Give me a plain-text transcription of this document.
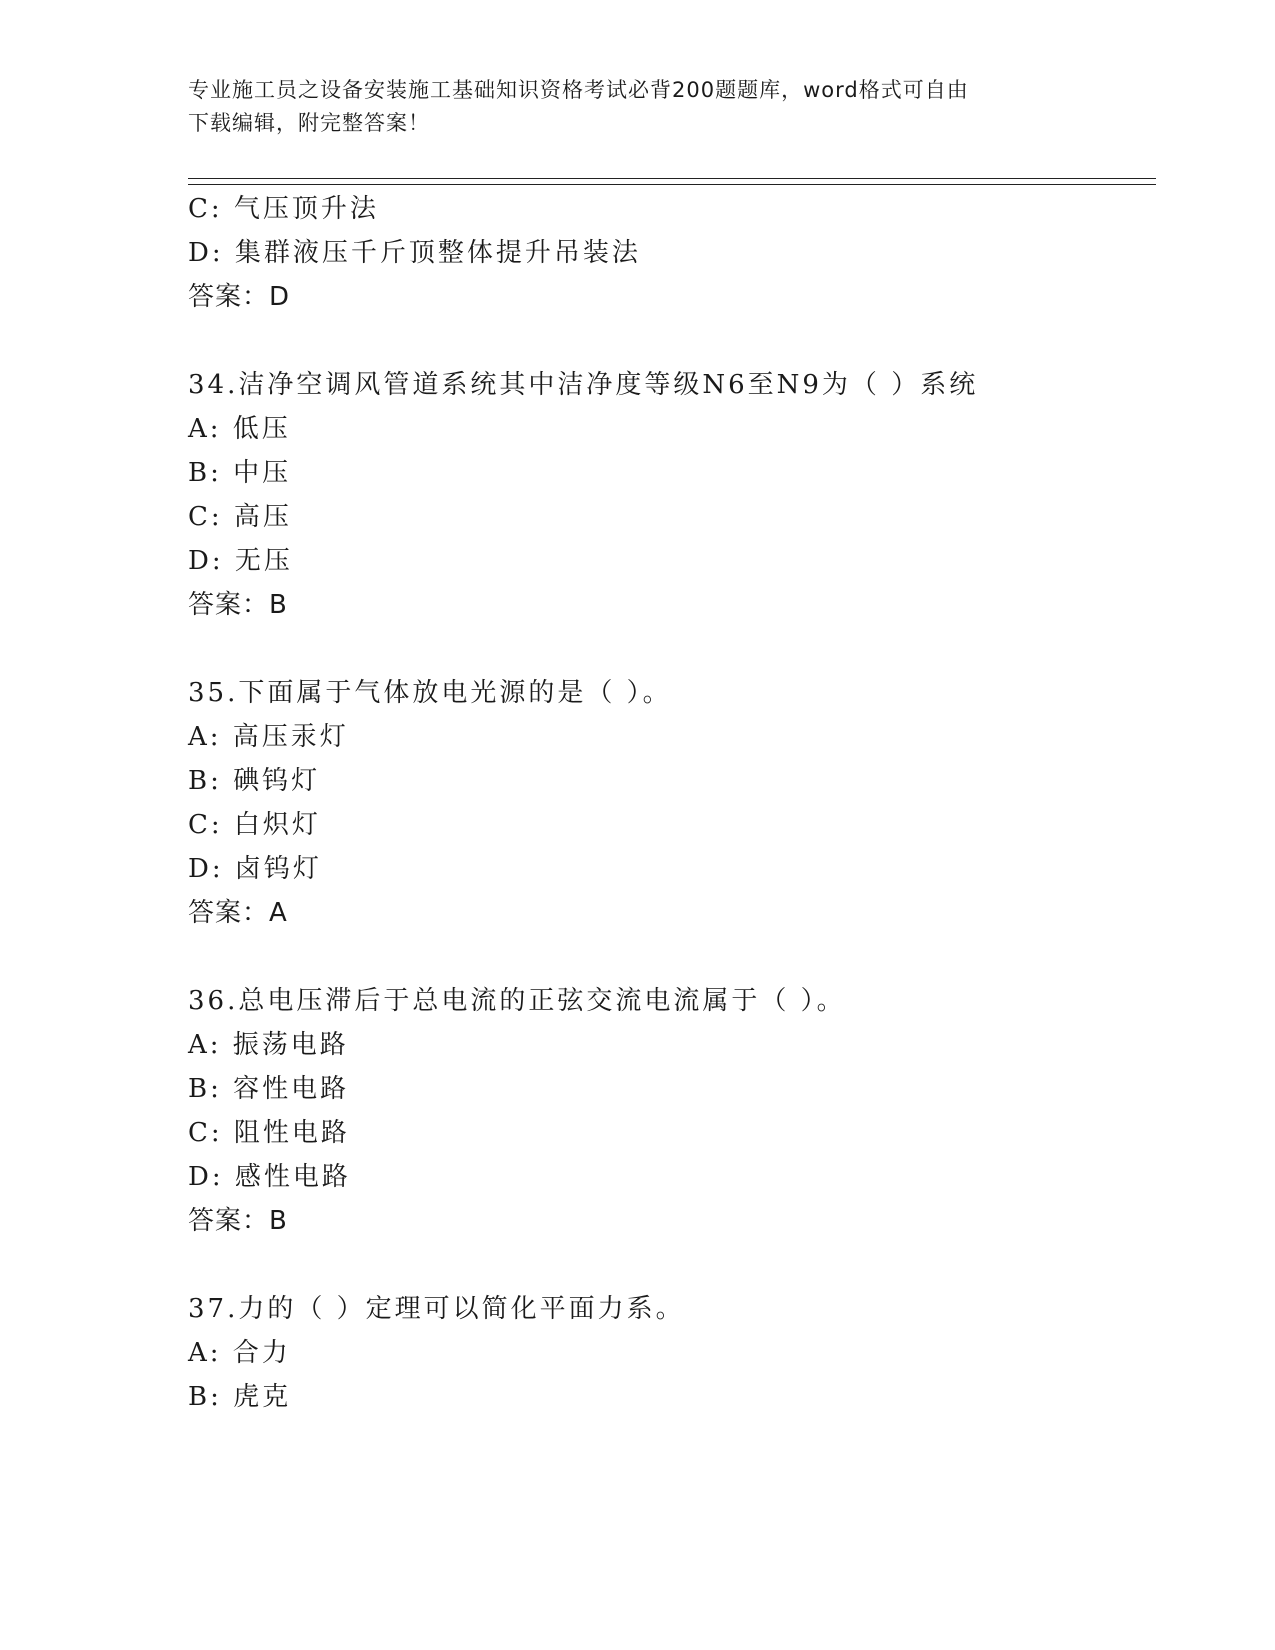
专业施工员之设备安装施工基础知识资格考试必背200题题库，word格式可自由
下载编辑，附完整答案！
C: 气压顶升法
D: 集群液压千斤顶整体提升吊装法
答案：D
34.洁净空调风管道系统其中洁净度等级N6至N9为（ ）系统
A: 低压
B: 中压
C: 高压
D: 无压
答案：B
35.下面属于气体放电光源的是（ ）。
A: 高压汞灯
B: 碘钨灯
C: 白炽灯
D: 卤钨灯
答案：A
36.总电压滞后于总电流的正弦交流电流属于（ ）。
A: 振荡电路
B: 容性电路
C: 阻性电路
D: 感性电路
答案：B
37.力的（ ）定理可以简化平面力系。
A: 合力
B: 虎克
